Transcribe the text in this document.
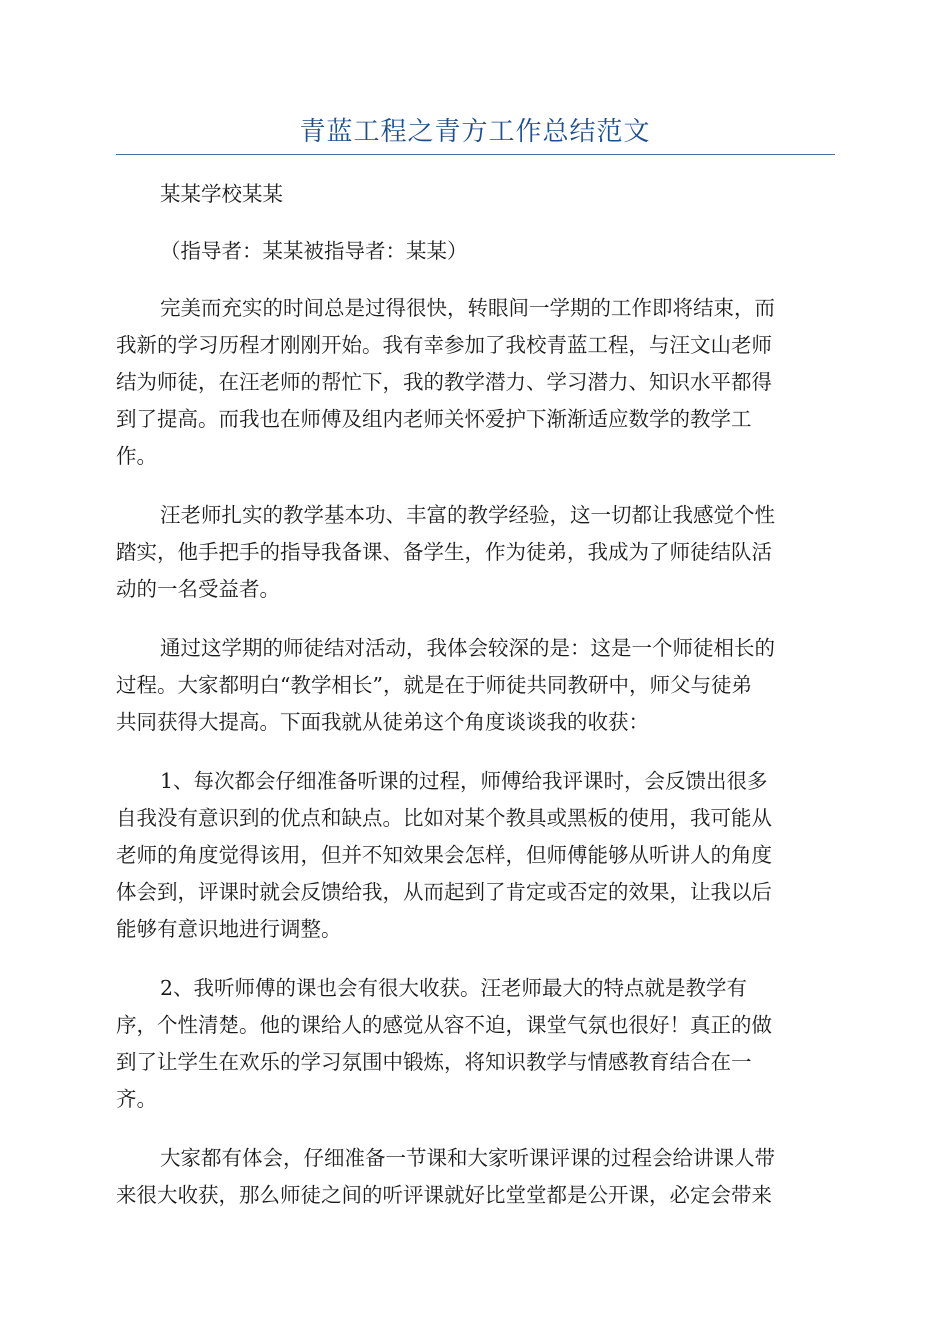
青蓝工程之青方工作总结范文
某某学校某某
（指导者：某某被指导者：某某）
完美而充实的时间总是过得很快，转眼间一学期的工作即将结束，而
我新的学习历程才刚刚开始。我有幸参加了我校青蓝工程，与汪文山老师
结为师徒，在汪老师的帮忙下，我的教学潜力、学习潜力、知识水平都得
到了提高。而我也在师傅及组内老师关怀爱护下渐渐适应数学的教学工
作。
汪老师扎实的教学基本功、丰富的教学经验，这一切都让我感觉个性
踏实，他手把手的指导我备课、备学生，作为徒弟，我成为了师徒结队活
动的一名受益者。
通过这学期的师徒结对活动，我体会较深的是：这是一个师徒相长的
过程。大家都明白“教学相长”，就是在于师徒共同教研中，师父与徒弟
共同获得大提高。下面我就从徒弟这个角度谈谈我的收获：
1、每次都会仔细准备听课的过程，师傅给我评课时，会反馈出很多
自我没有意识到的优点和缺点。比如对某个教具或黑板的使用，我可能从
老师的角度觉得该用，但并不知效果会怎样，但师傅能够从听讲人的角度
体会到，评课时就会反馈给我，从而起到了肯定或否定的效果，让我以后
能够有意识地进行调整。
2、我听师傅的课也会有很大收获。汪老师最大的特点就是教学有
序，个性清楚。他的课给人的感觉从容不迫，课堂气氛也很好！真正的做
到了让学生在欢乐的学习氛围中锻炼，将知识教学与情感教育结合在一
齐。
大家都有体会，仔细准备一节课和大家听课评课的过程会给讲课人带
来很大收获，那么师徒之间的听评课就好比堂堂都是公开课，必定会带来
